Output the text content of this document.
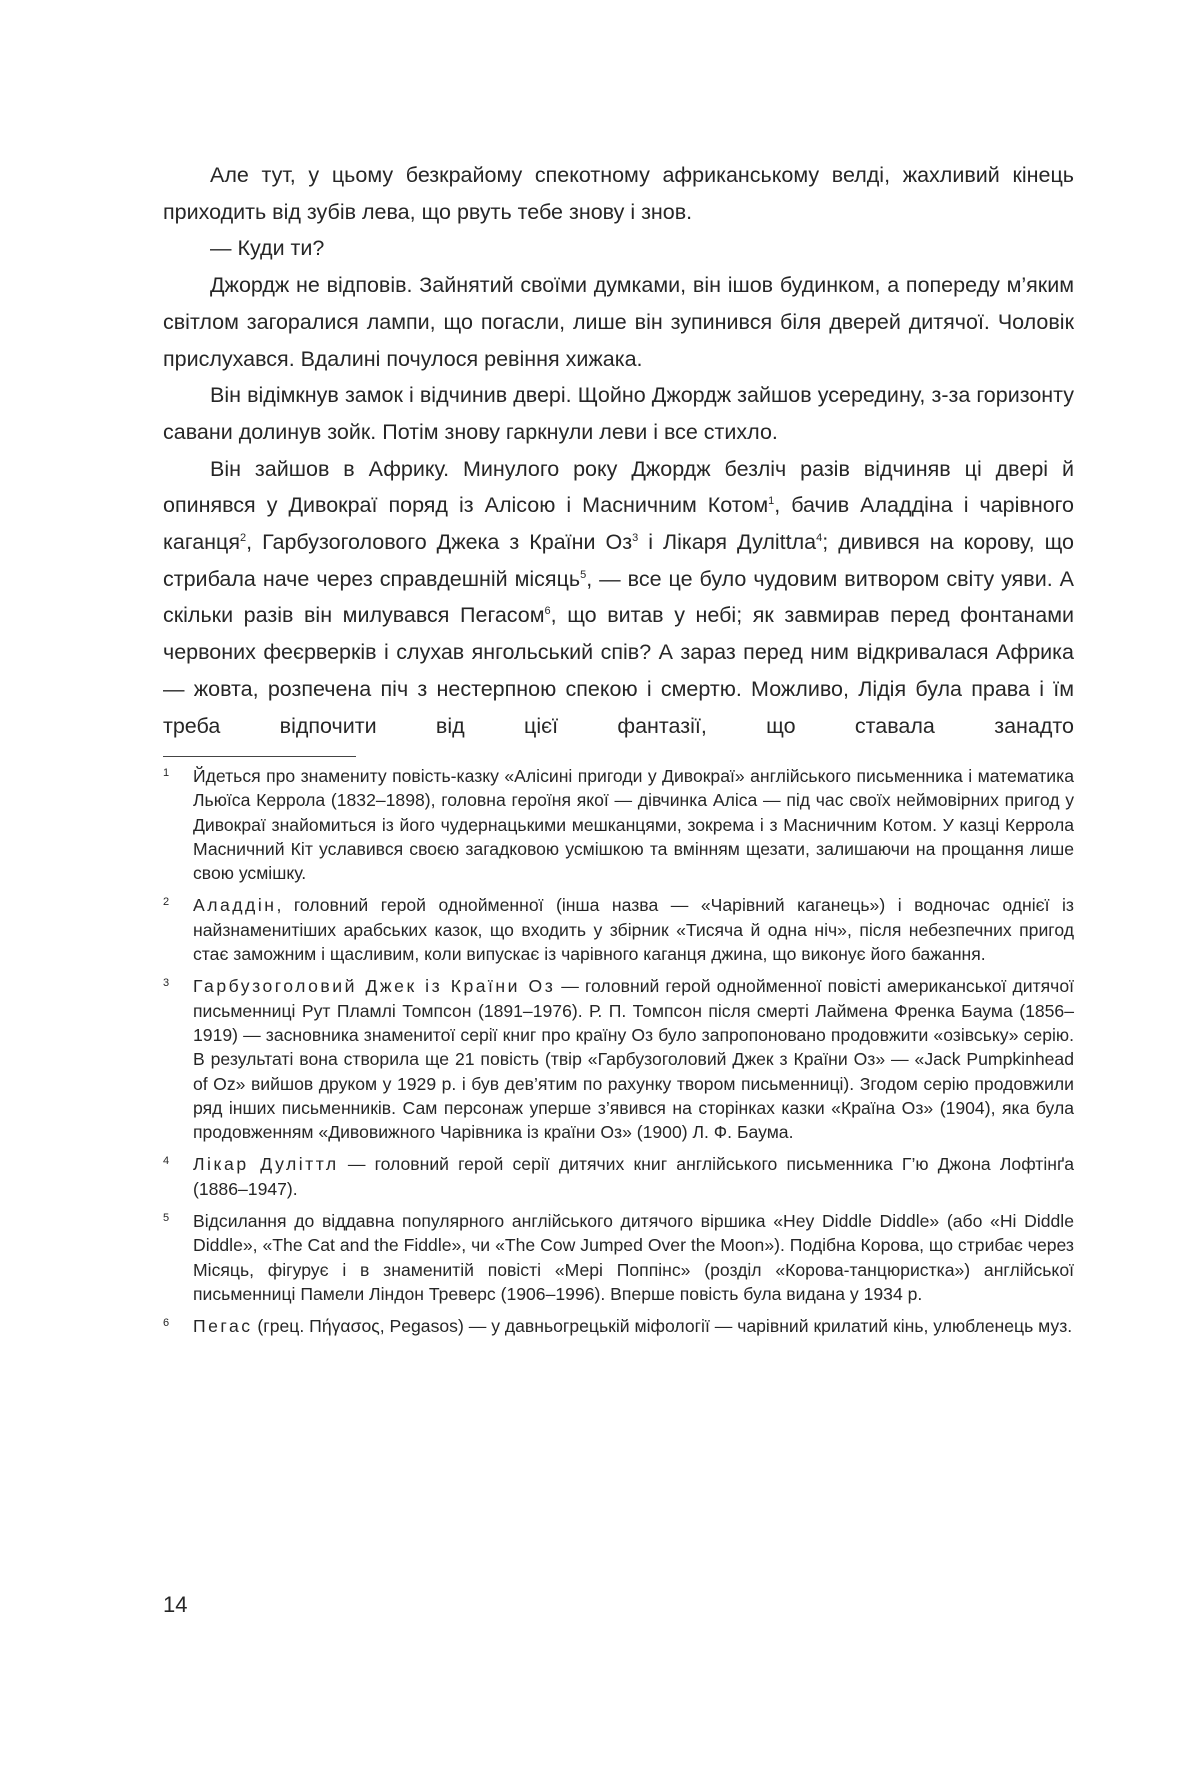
Але тут, у цьому безкрайому спекотному африканському велді, жахливий кінець приходить від зубів лева, що рвуть тебе знову і знов.

— Куди ти?

Джордж не відповів. Зайнятий своїми думками, він ішов будинком, а попереду м’яким світлом загоралися лампи, що погасли, лише він зупинився біля дверей дитячої. Чоловік прислухався. Вдалині почулося ревіння хижака.

Він відімкнув замок і відчинив двері. Щойно Джордж зайшов усередину, з-за горизонту савани долинув зойк. Потім знову гаркнули леви і все стихло.

Він зайшов в Африку. Минулого року Джордж безліч разів відчиняв ці двері й опинявся у Дивокраї поряд із Алісою і Масничним Котом$^1$, бачив Аладдіна і чарівного каганця$^2$, Гарбузоголового Джека з Країни Оз$^3$ і Лікаря Дулittла$^4$; дивився на корову, що стрибала наче через справдешній місяць$^5$, — все це було чудовим витвором світу уяви. А скільки разів він милувався Пегасом$^6$, що витав у небі; як завмирав перед фонтанами червоних феєрверків і слухав янгольський спів? А зараз перед ним відкривалася Африка — жовта, розпечена піч з нестерпною спекою і смертю. Можливо, Лідія була права і їм треба відпочити від цієї фантазії, що ставала занадто

1 Йдеться про знамениту повість-казку «Алісині пригоди у Дивокраї» англійського письменника і математика Льюїса Керрола (1832–1898), головна героїня якої — дівчинка Аліса — під час своїх неймовірних пригод у Дивокраї знайомиться із його чудернацькими мешканцями, зокрема і з Масничним Котом. У казці Керрола Масничний Кіт уславився своєю загадковою усмішкою та вмінням щезати, залишаючи на прощання лише свою усмішку.
2 Аладдін, головний герой однойменної (інша назва — «Чарівний каганець») і водночас однієї із найзнаменитіших арабських казок, що входить у збірник «Тисяча й одна ніч», після небезпечних пригод стає заможним і щасливим, коли випускає із чарівного каганця джина, що виконує його бажання.
3 Гарбузоголовий Джек із Країни Оз — головний герой однойменної повісті американської дитячої письменниці Рут Пламлі Томпсон (1891–1976). Р. П. Томпсон після смерті Лаймена Френка Баума (1856–1919) — засновника знаменитої серії книг про країну Оз було запропоновано продовжити «озівську» серію. В результаті вона створила ще 21 повість (твір «Гарбузоголовий Джек з Країни Оз» — «Jack Pumpkinhead of Oz» вийшов друком у 1929 р. і був дев’ятим по рахунку твором письменниці). Згодом серію продовжили ряд інших письменників. Сам персонаж уперше з’явився на сторінках казки «Країна Оз» (1904), яка була продовженням «Дивовижного Чарівника із країни Оз» (1900) Л. Ф. Баума.
4 Лікар Дуліттл — головний герой серії дитячих книг англійського письменника Г’ю Джона Лофтінґа (1886–1947).
5 Відсилання до віддавна популярного англійського дитячого віршика «Hey Diddle Diddle» (або «Hi Diddle Diddle», «The Cat and the Fiddle», чи «The Cow Jumped Over the Moon»). Подібна Корова, що стрибає через Місяць, фігурує і в знаменитій повісті «Мері Поппінс» (розділ «Корова-танцюристка») англійської письменниці Памели Ліндон Треверс (1906–1996). Вперше повість була видана у 1934 р.
6 Пегас (грец. Πήγασος, Pegasos) — у давньогрецькій міфології — чарівний крилатий кінь, улюбленець муз.
14
